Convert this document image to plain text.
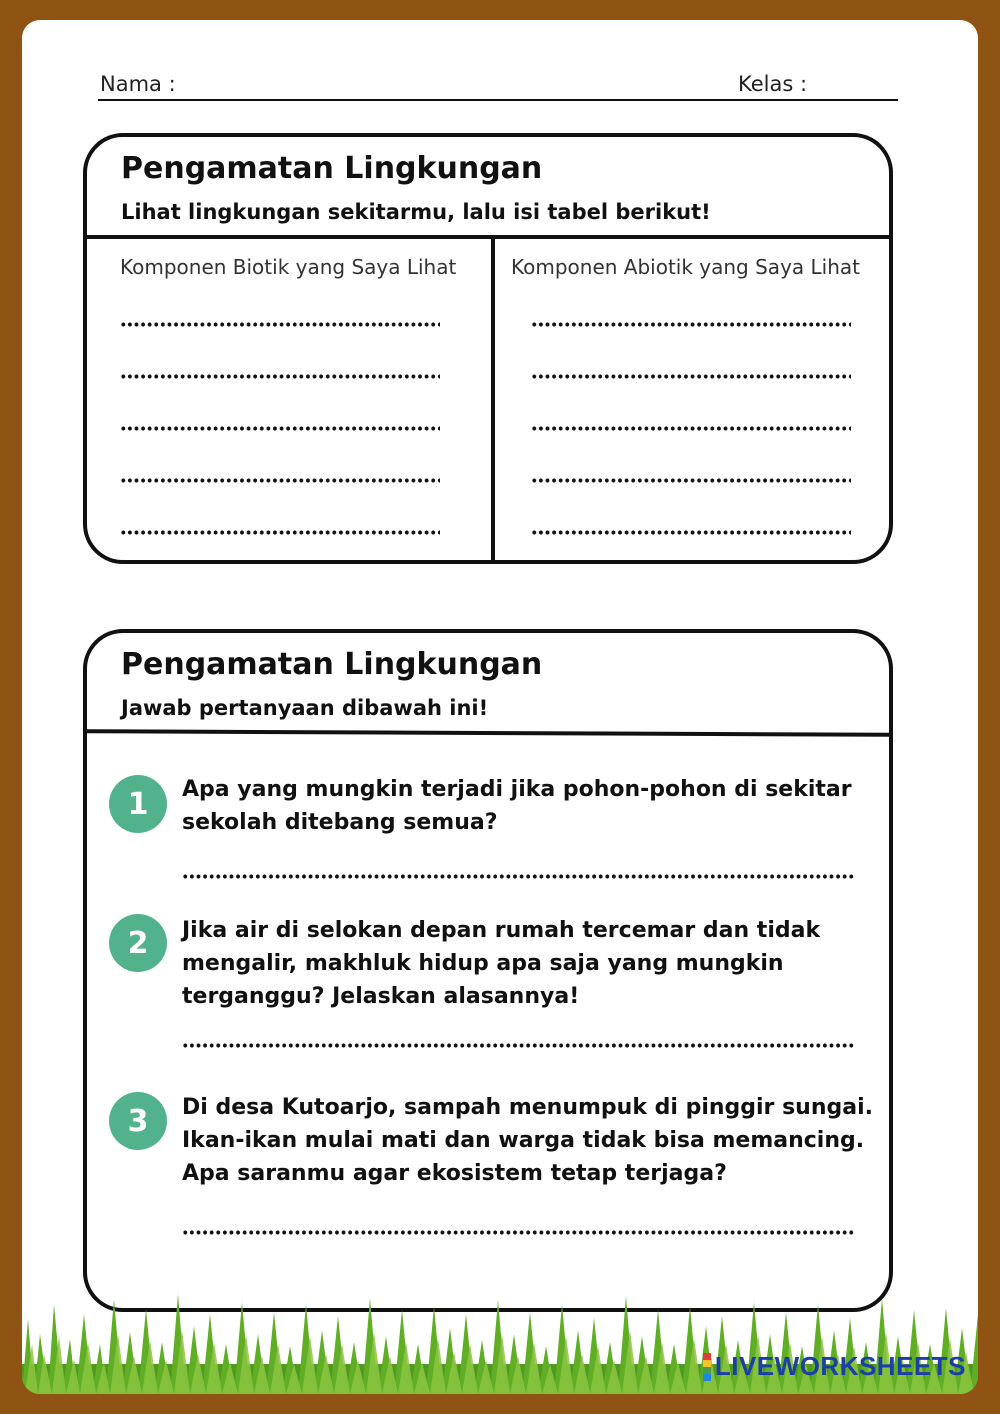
Nama :	Kelas :
Pengamatan Lingkungan
Lihat lingkungan sekitarmu, lalu isi tabel berikut!
Komponen Biotik yang Saya Lihat	Komponen Abiotik yang Saya Lihat
Pengamatan Lingkungan
Jawab pertanyaan dibawah ini!
1	Apa yang mungkin terjadi jika pohon-pohon di sekitar sekolah ditebang semua?
2	Jika air di selokan depan rumah tercemar dan tidak mengalir, makhluk hidup apa saja yang mungkin terganggu? Jelaskan alasannya!
3	Di desa Kutoarjo, sampah menumpuk di pinggir sungai. Ikan-ikan mulai mati dan warga tidak bisa memancing. Apa saranmu agar ekosistem tetap terjaga?
LIVEWORKSHEETS
